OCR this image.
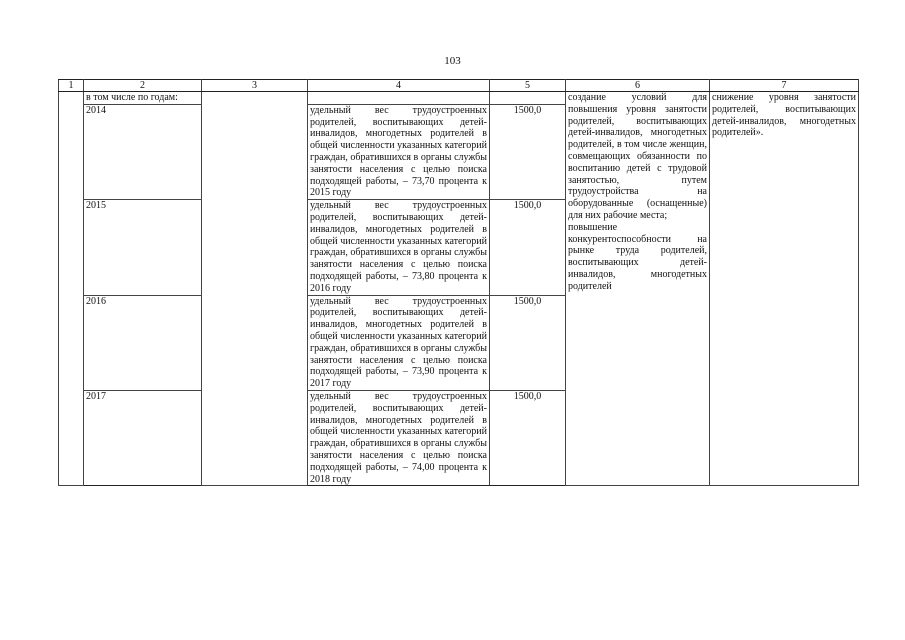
103
1	2	3	4	5	6	7
	в том числе по годам:				создание условий для повышения уровня занятости родителей, воспитывающих детей-инвалидов, многодетных родителей, в том числе женщин, совмещающих обязанности по воспитанию детей с трудовой занятостью, путем трудоустройства на оборудованные (оснащенные) для них рабочие места;
повышение конкурентоспособности на рынке труда родителей, воспитывающих детей-инвалидов, многодетных родителей	снижение уровня занятости родителей, воспитывающих детей-инвалидов, многодетных родителей».
	2014		удельный вес трудоустроенных родителей, воспитывающих детей-инвалидов, многодетных родителей в общей численности указанных категорий граждан, обратившихся в органы службы занятости населения с целью поиска подходящей работы, – 73,70 процента к 2015 году	1500,0		
	2015		удельный вес трудоустроенных родителей, воспитывающих детей-инвалидов, многодетных родителей в общей численности указанных категорий граждан, обратившихся в органы службы занятости населения с целью поиска подходящей работы, – 73,80 процента к 2016 году	1500,0		
	2016		удельный вес трудоустроенных родителей, воспитывающих детей-инвалидов, многодетных родителей в общей численности указанных категорий граждан, обратившихся в органы службы занятости населения с целью поиска подходящей работы, – 73,90 процента к 2017 году	1500,0		
	2017		удельный вес трудоустроенных родителей, воспитывающих детей-инвалидов, многодетных родителей в общей численности указанных категорий граждан, обратившихся в органы службы занятости населения с целью поиска подходящей работы, – 74,00 процента к 2018 году	1500,0		
